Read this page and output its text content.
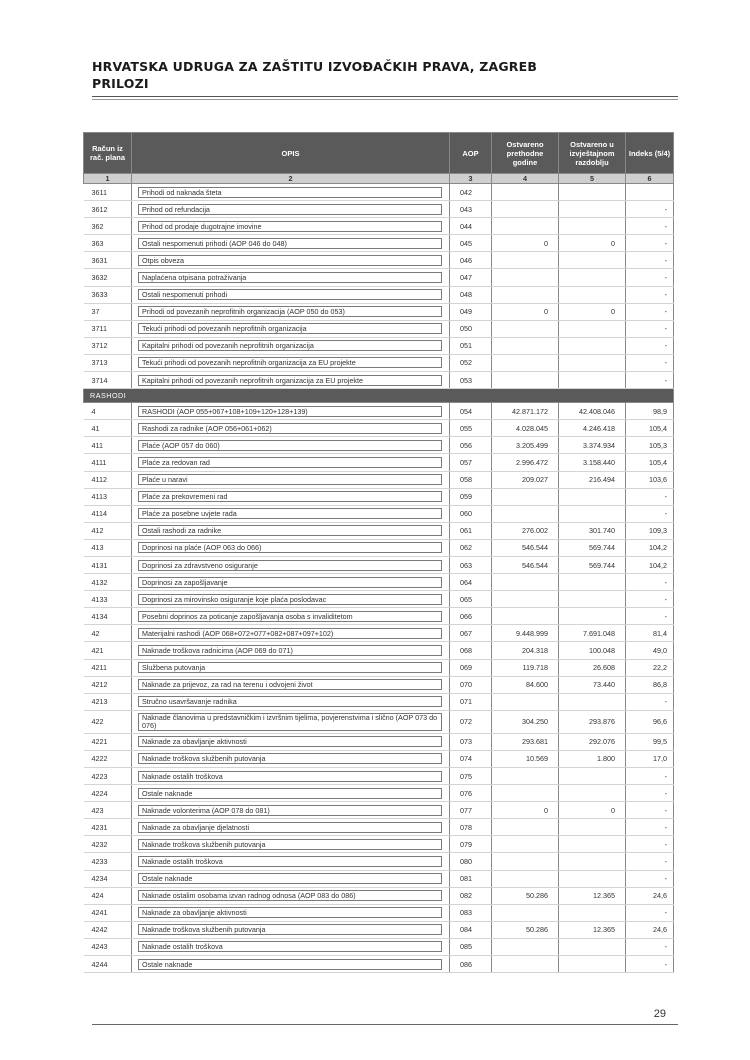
HRVATSKA UDRUGA ZA ZAŠTITU IZVOĐAČKIH PRAVA, ZAGREB
PRILOZI
Račun iz rač. plana	OPIS	AOP	Ostvareno prethodne godine	Ostvareno u izvještajnom razdoblju	Indeks (5/4)
1	2	3	4	5	6
3611	Prihodi od naknada šteta	042			
3612	Prihod od refundacija	043			-
362	Prihod od prodaje dugotrajne imovine	044			-
363	Ostali nespomenuti prihodi (AOP 046 do 048)	045	0	0	-
3631	Otpis obveza	046			-
3632	Naplaćena otpisana potraživanja	047			-
3633	Ostali nespomenuti prihodi	048			-
37	Prihodi od povezanih neprofitnih organizacija (AOP 050 do 053)	049	0	0	-
3711	Tekući prihodi od povezanih neprofitnih organizacija	050			-
3712	Kapitalni prihodi od povezanih neprofitnih organizacija	051			-
3713	Tekući prihodi od povezanih neprofitnih organizacija za EU projekte	052			-
3714	Kapitalni prihodi od povezanih neprofitnih organizacija za EU projekte	053			-
RASHODI					
4	RASHODI (AOP 055+067+108+109+120+128+139)	054	42.871.172	42.408.046	98,9
41	Rashodi za radnike (AOP 056+061+062)	055	4.028.045	4.246.418	105,4
411	Plaće (AOP 057 do 060)	056	3.205.499	3.374.934	105,3
4111	Plaće za redovan rad	057	2.996.472	3.158.440	105,4
4112	Plaće u naravi	058	209.027	216.494	103,6
4113	Plaće za prekovremeni rad	059			-
4114	Plaće za posebne uvjete rada	060			-
412	Ostali rashodi za radnike	061	276.002	301.740	109,3
413	Doprinosi na plaće (AOP 063 do 066)	062	546.544	569.744	104,2
4131	Doprinosi za zdravstveno osiguranje	063	546.544	569.744	104,2
4132	Doprinosi za zapošljavanje	064			-
4133	Doprinosi za mirovinsko osiguranje koje plaća poslodavac	065			-
4134	Posebni doprinos za poticanje zapošljavanja osoba s invaliditetom	066			-
42	Materijalni rashodi (AOP 068+072+077+082+087+097+102)	067	9.448.999	7.691.048	81,4
421	Naknade troškova radnicima (AOP 069 do 071)	068	204.318	100.048	49,0
4211	Službena putovanja	069	119.718	26.608	22,2
4212	Naknade za prijevoz, za rad na terenu i odvojeni život	070	84.600	73.440	86,8
4213	Stručno usavršavanje radnika	071			-
422	Naknade članovima u predstavničkim i izvršnim tijelima, povjerenstvima i slično (AOP 073 do 076)	072	304.250	293.876	96,6
4221	Naknade za obavljanje aktivnosti	073	293.681	292.076	99,5
4222	Naknade troškova službenih putovanja	074	10.569	1.800	17,0
4223	Naknade ostalih troškova	075			-
4224	Ostale naknade	076			-
423	Naknade volonterima (AOP 078 do 081)	077	0	0	-
4231	Naknade za obavljanje djelatnosti	078			-
4232	Naknade troškova službenih putovanja	079			-
4233	Naknade ostalih troškova	080			-
4234	Ostale naknade	081			-
424	Naknade ostalim osobama izvan radnog odnosa (AOP 083 do 086)	082	50.286	12.365	24,6
4241	Naknade za obavljanje aktivnosti	083			-
4242	Naknade troškova službenih putovanja	084	50.286	12.365	24,6
4243	Naknade ostalih troškova	085			-
4244	Ostale naknade	086			-
29
